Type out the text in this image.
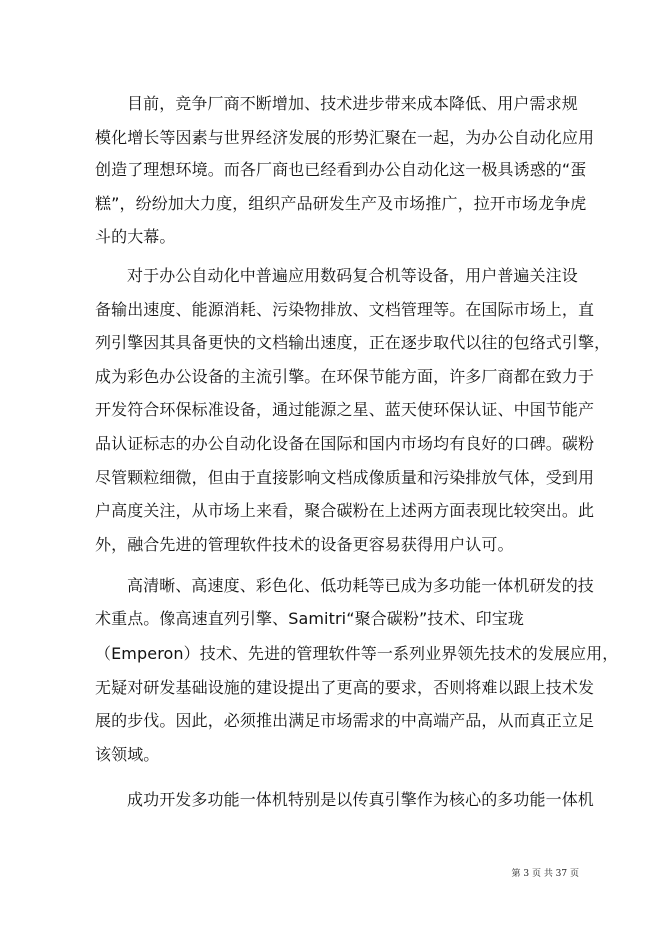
目前，竞争厂商不断增加、技术进步带来成本降低、用户需求规

模化增长等因素与世界经济发展的形势汇聚在一起，为办公自动化应用

创造了理想环境。而各厂商也已经看到办公自动化这一极具诱惑的“蛋

糕”，纷纷加大力度，组织产品研发生产及市场推广，拉开市场龙争虎

斗的大幕。

对于办公自动化中普遍应用数码复合机等设备，用户普遍关注设

备输出速度、能源消耗、污染物排放、文档管理等。在国际市场上，直

列引擎因其具备更快的文档输出速度，正在逐步取代以往的包络式引擎，

成为彩色办公设备的主流引擎。在环保节能方面，许多厂商都在致力于

开发符合环保标准设备，通过能源之星、蓝天使环保认证、中国节能产

品认证标志的办公自动化设备在国际和国内市场均有良好的口碑。碳粉

尽管颗粒细微，但由于直接影响文档成像质量和污染排放气体，受到用

户高度关注，从市场上来看，聚合碳粉在上述两方面表现比较突出。此

外，融合先进的管理软件技术的设备更容易获得用户认可。

高清晰、高速度、彩色化、低功耗等已成为多功能一体机研发的技

术重点。像高速直列引擎、Samitri“聚合碳粉”技术、印宝珑

（Emperon）技术、先进的管理软件等一系列业界领先技术的发展应用，

无疑对研发基础设施的建设提出了更高的要求，否则将难以跟上技术发

展的步伐。因此，必须推出满足市场需求的中高端产品，从而真正立足

该领域。

成功开发多功能一体机特别是以传真引擎作为核心的多功能一体机

第 3 页 共 37 页
